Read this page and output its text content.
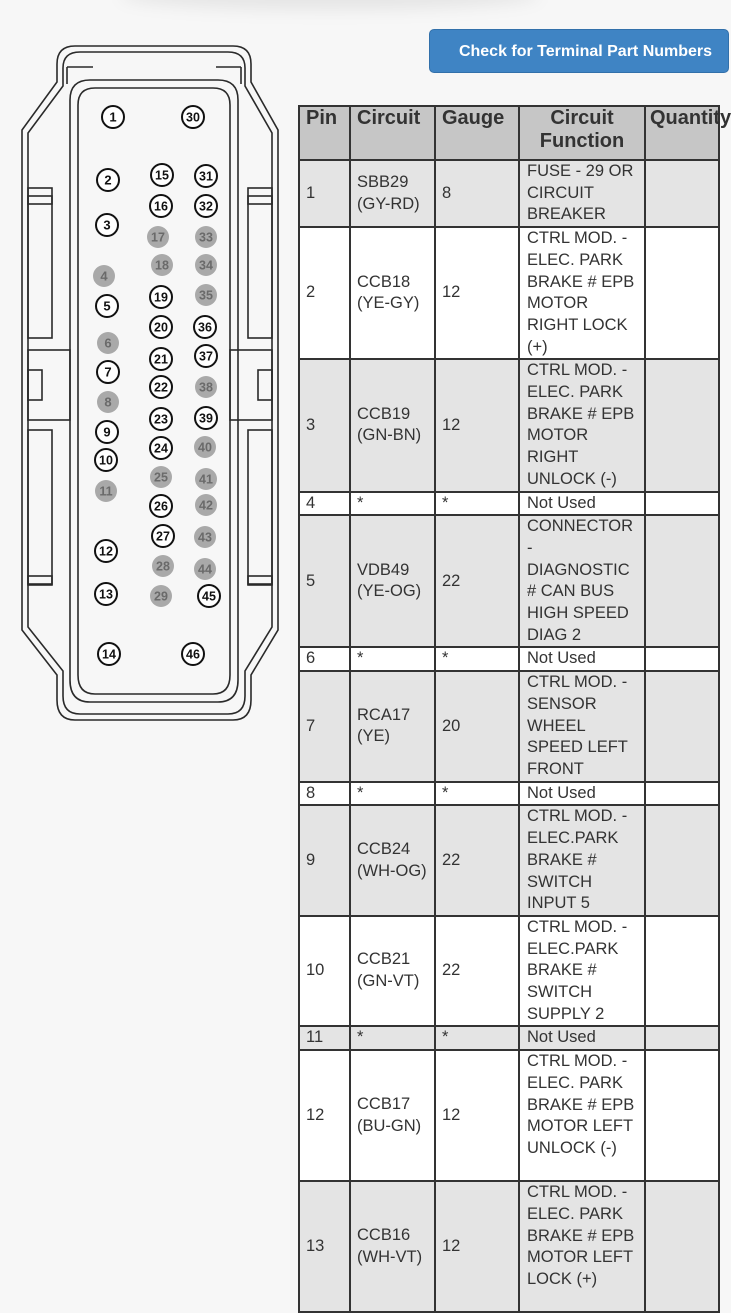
1	30
2	15 31
16 32
3
17	33
4
18 34
5
19 35
6
20 36
7
21 37
22 38
8
23 39
9
24 40
10
25 41
11
26 42
27 43
12
28 44
13	29	45
14	46
Check for Terminal Part Numbers
Pin	Circuit	Gauge	Circuit Function	Quantity
1	SBB29 (GY-RD)	8	FUSE - 29 OR CIRCUIT BREAKER	
2	CCB18 (YE-GY)	12	CTRL MOD. - ELEC. PARK BRAKE # EPB MOTOR RIGHT LOCK (+)	
3	CCB19 (GN-BN)	12	CTRL MOD. - ELEC. PARK BRAKE # EPB MOTOR RIGHT UNLOCK (-)	
4	*	*	Not Used	
5	VDB49 (YE-OG)	22	CONNECTOR - DIAGNOSTIC # CAN BUS HIGH SPEED DIAG 2	
6	*	*	Not Used	
7	RCA17 (YE)	20	CTRL MOD. - SENSOR WHEEL SPEED LEFT FRONT	
8	*	*	Not Used	
9	CCB24 (WH-OG)	22	CTRL MOD. - ELEC.PARK BRAKE # SWITCH INPUT 5	
10	CCB21 (GN-VT)	22	CTRL MOD. - ELEC.PARK BRAKE # SWITCH SUPPLY 2	
11	*	*	Not Used	
12	CCB17 (BU-GN)	12	CTRL MOD. - ELEC. PARK BRAKE # EPB MOTOR LEFT UNLOCK (-)	
13	CCB16 (WH-VT)	12	CTRL MOD. - ELEC. PARK BRAKE # EPB MOTOR LEFT LOCK (+)	
